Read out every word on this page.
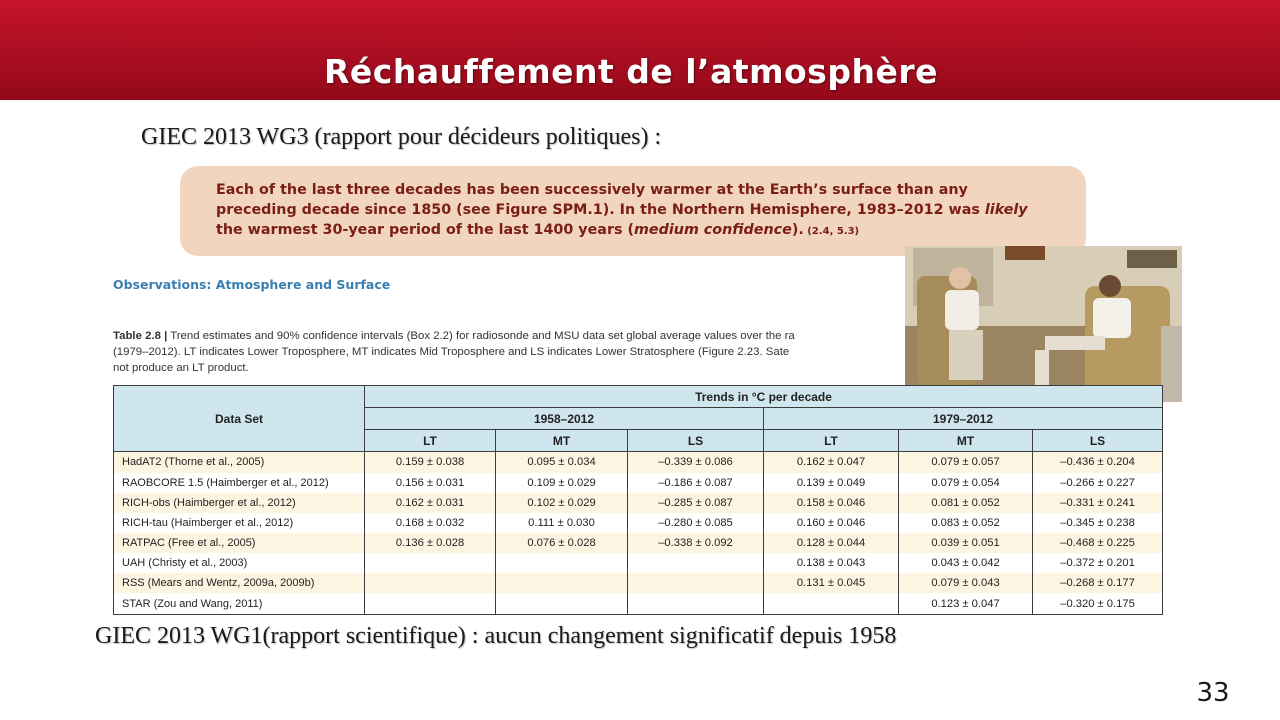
Réchauffement de l’atmosphère
GIEC 2013 WG3 (rapport pour décideurs politiques) :
Each of the last three decades has been successively warmer at the Earth’s surface than any preceding decade since 1850 (see Figure SPM.1). In the Northern Hemisphere, 1983–2012 was likely the warmest 30-year period of the last 1400 years (medium confidence). (2.4, 5.3)
Observations: Atmosphere and Surface
Table 2.8 | Trend estimates and 90% confidence intervals (Box 2.2) for radiosonde and MSU data set global average values over the ra
(1979–2012). LT indicates Lower Troposphere, MT indicates Mid Troposphere and LS indicates Lower Stratosphere (Figure 2.23. Sate
not produce an LT product.
Data Set	Trends in °C per decade					
	1958–2012			1979–2012		
	LT	MT	LS	LT	MT	LS
HadAT2 (Thorne et al., 2005)	0.159 ± 0.038	0.095 ± 0.034	–0.339 ± 0.086	0.162 ± 0.047	0.079 ± 0.057	–0.436 ± 0.204
RAOBCORE 1.5 (Haimberger et al., 2012)	0.156 ± 0.031	0.109 ± 0.029	–0.186 ± 0.087	0.139 ± 0.049	0.079 ± 0.054	–0.266 ± 0.227
RICH-obs (Haimberger et al., 2012)	0.162 ± 0.031	0.102 ± 0.029	–0.285 ± 0.087	0.158 ± 0.046	0.081 ± 0.052	–0.331 ± 0.241
RICH-tau (Haimberger et al., 2012)	0.168 ± 0.032	0.111 ± 0.030	–0.280 ± 0.085	0.160 ± 0.046	0.083 ± 0.052	–0.345 ± 0.238
RATPAC (Free et al., 2005)	0.136 ± 0.028	0.076 ± 0.028	–0.338 ± 0.092	0.128 ± 0.044	0.039 ± 0.051	–0.468 ± 0.225
UAH (Christy et al., 2003)				0.138 ± 0.043	0.043 ± 0.042	–0.372 ± 0.201
RSS (Mears and Wentz, 2009a, 2009b)				0.131 ± 0.045	0.079 ± 0.043	–0.268 ± 0.177
STAR (Zou and Wang, 2011)					0.123 ± 0.047	–0.320 ± 0.175
GIEC 2013 WG1(rapport scientifique) : aucun changement significatif depuis 1958
33
